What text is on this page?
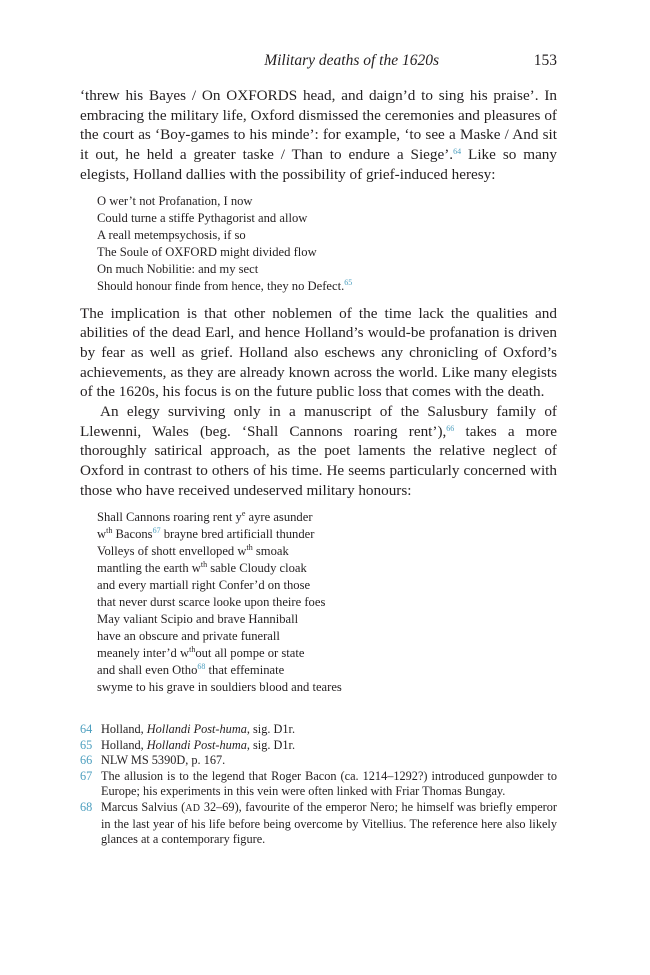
Military deaths of the 1620s	153

‘threw his Bayes / On OXFORDS head, and daign’d to sing his praise’. In embracing the military life, Oxford dismissed the ceremonies and pleasures of the court as ‘Boy-games to his minde’: for example, ‘to see a Maske / And sit it out, he held a greater taske / Than to endure a Siege’.$^{64}$ Like so many elegists, Holland dallies with the possibility of grief-induced heresy:

O wer’t not Profanation, I now
Could turne a stiffe Pythagorist and allow
A reall metempsychosis, if so
The Soule of OXFORD might divided flow
On much Nobilitie: and my sect
Should honour finde from hence, they no Defect.$^{65}$

The implication is that other noblemen of the time lack the qualities and abilities of the dead Earl, and hence Holland’s would-be profanation is driven by fear as well as grief. Holland also eschews any chronicling of Oxford’s achievements, as they are already known across the world. Like many elegists of the 1620s, his focus is on the future public loss that comes with the death.

An elegy surviving only in a manuscript of the Salusbury family of Llewenni, Wales (beg. ‘Shall Cannons roaring rent’),$^{66}$ takes a more thoroughly satirical approach, as the poet laments the relative neglect of Oxford in contrast to others of his time. He seems particularly concerned with those who have received undeserved military honours:

Shall Cannons roaring rent $y^e$ ayre asunder
$w^{th}$ Bacons$^{67}$ brayne bred artificiall thunder
Volleys of shott envelloped $w^{th}$ smoak
mantling the earth $w^{th}$ sable Cloudy cloak
and every martiall right Confer’d on those
that never durst scarce looke upon theire foes
May valiant Scipio and brave Hanniball
have an obscure and private funerall
meanely inter’d $w^{th}out$ all pompe or state
and shall even Otho$^{68}$ that effeminate
swyme to his grave in souldiers blood and teares
64 Holland, Hollandi Post-huma, sig. D1r.
65 Holland, Hollandi Post-huma, sig. D1r.
66 NLW MS 5390D, p. 167.
67 The allusion is to the legend that Roger Bacon (ca. 1214–1292?) introduced gunpowder to Europe; his experiments in this vein were often linked with Friar Thomas Bungay.
68 Marcus Salvius (AD 32–69), favourite of the emperor Nero; he himself was briefly emperor in the last year of his life before being overcome by Vitellius. The reference here also likely glances at a contemporary figure.
